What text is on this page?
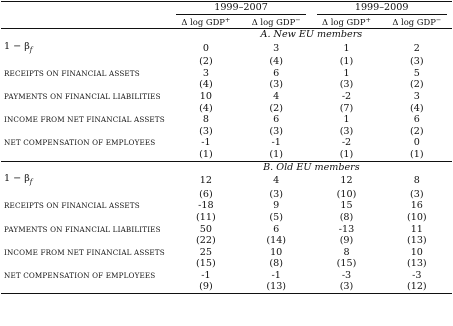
	1999–2007		1999–2009	
	Δ log GDP+	Δ log GDP−	Δ log GDP+	Δ log GDP−
	A. New EU members			
$1 - \beta_f$	0	3	1	2
	(2)	(4)	(1)	(3)
RECEIPTS ON FINANCIAL ASSETS	3	6	1	5
	(4)	(3)	(3)	(2)
PAYMENTS ON FINANCIAL LIABILITIES	10	4	-2	3
	(4)	(2)	(7)	(4)
INCOME FROM NET FINANCIAL ASSETS	8	6	1	6
	(3)	(3)	(3)	(2)
NET COMPENSATION OF EMPLOYEES	-1	-1	-2	0
	(1)	(1)	(1)	(1)
	B. Old EU members			
$1 - \beta_f$	12	4	12	8
	(6)	(3)	(10)	(3)
RECEIPTS ON FINANCIAL ASSETS	-18	9	15	16
	(11)	(5)	(8)	(10)
PAYMENTS ON FINANCIAL LIABILITIES	50	6	-13	11
	(22)	(14)	(9)	(13)
INCOME FROM NET FINANCIAL ASSETS	25	10	8	10
	(15)	(8)	(15)	(13)
NET COMPENSATION OF EMPLOYEES	-1	-1	-3	-3
	(9)	(13)	(3)	(12)
